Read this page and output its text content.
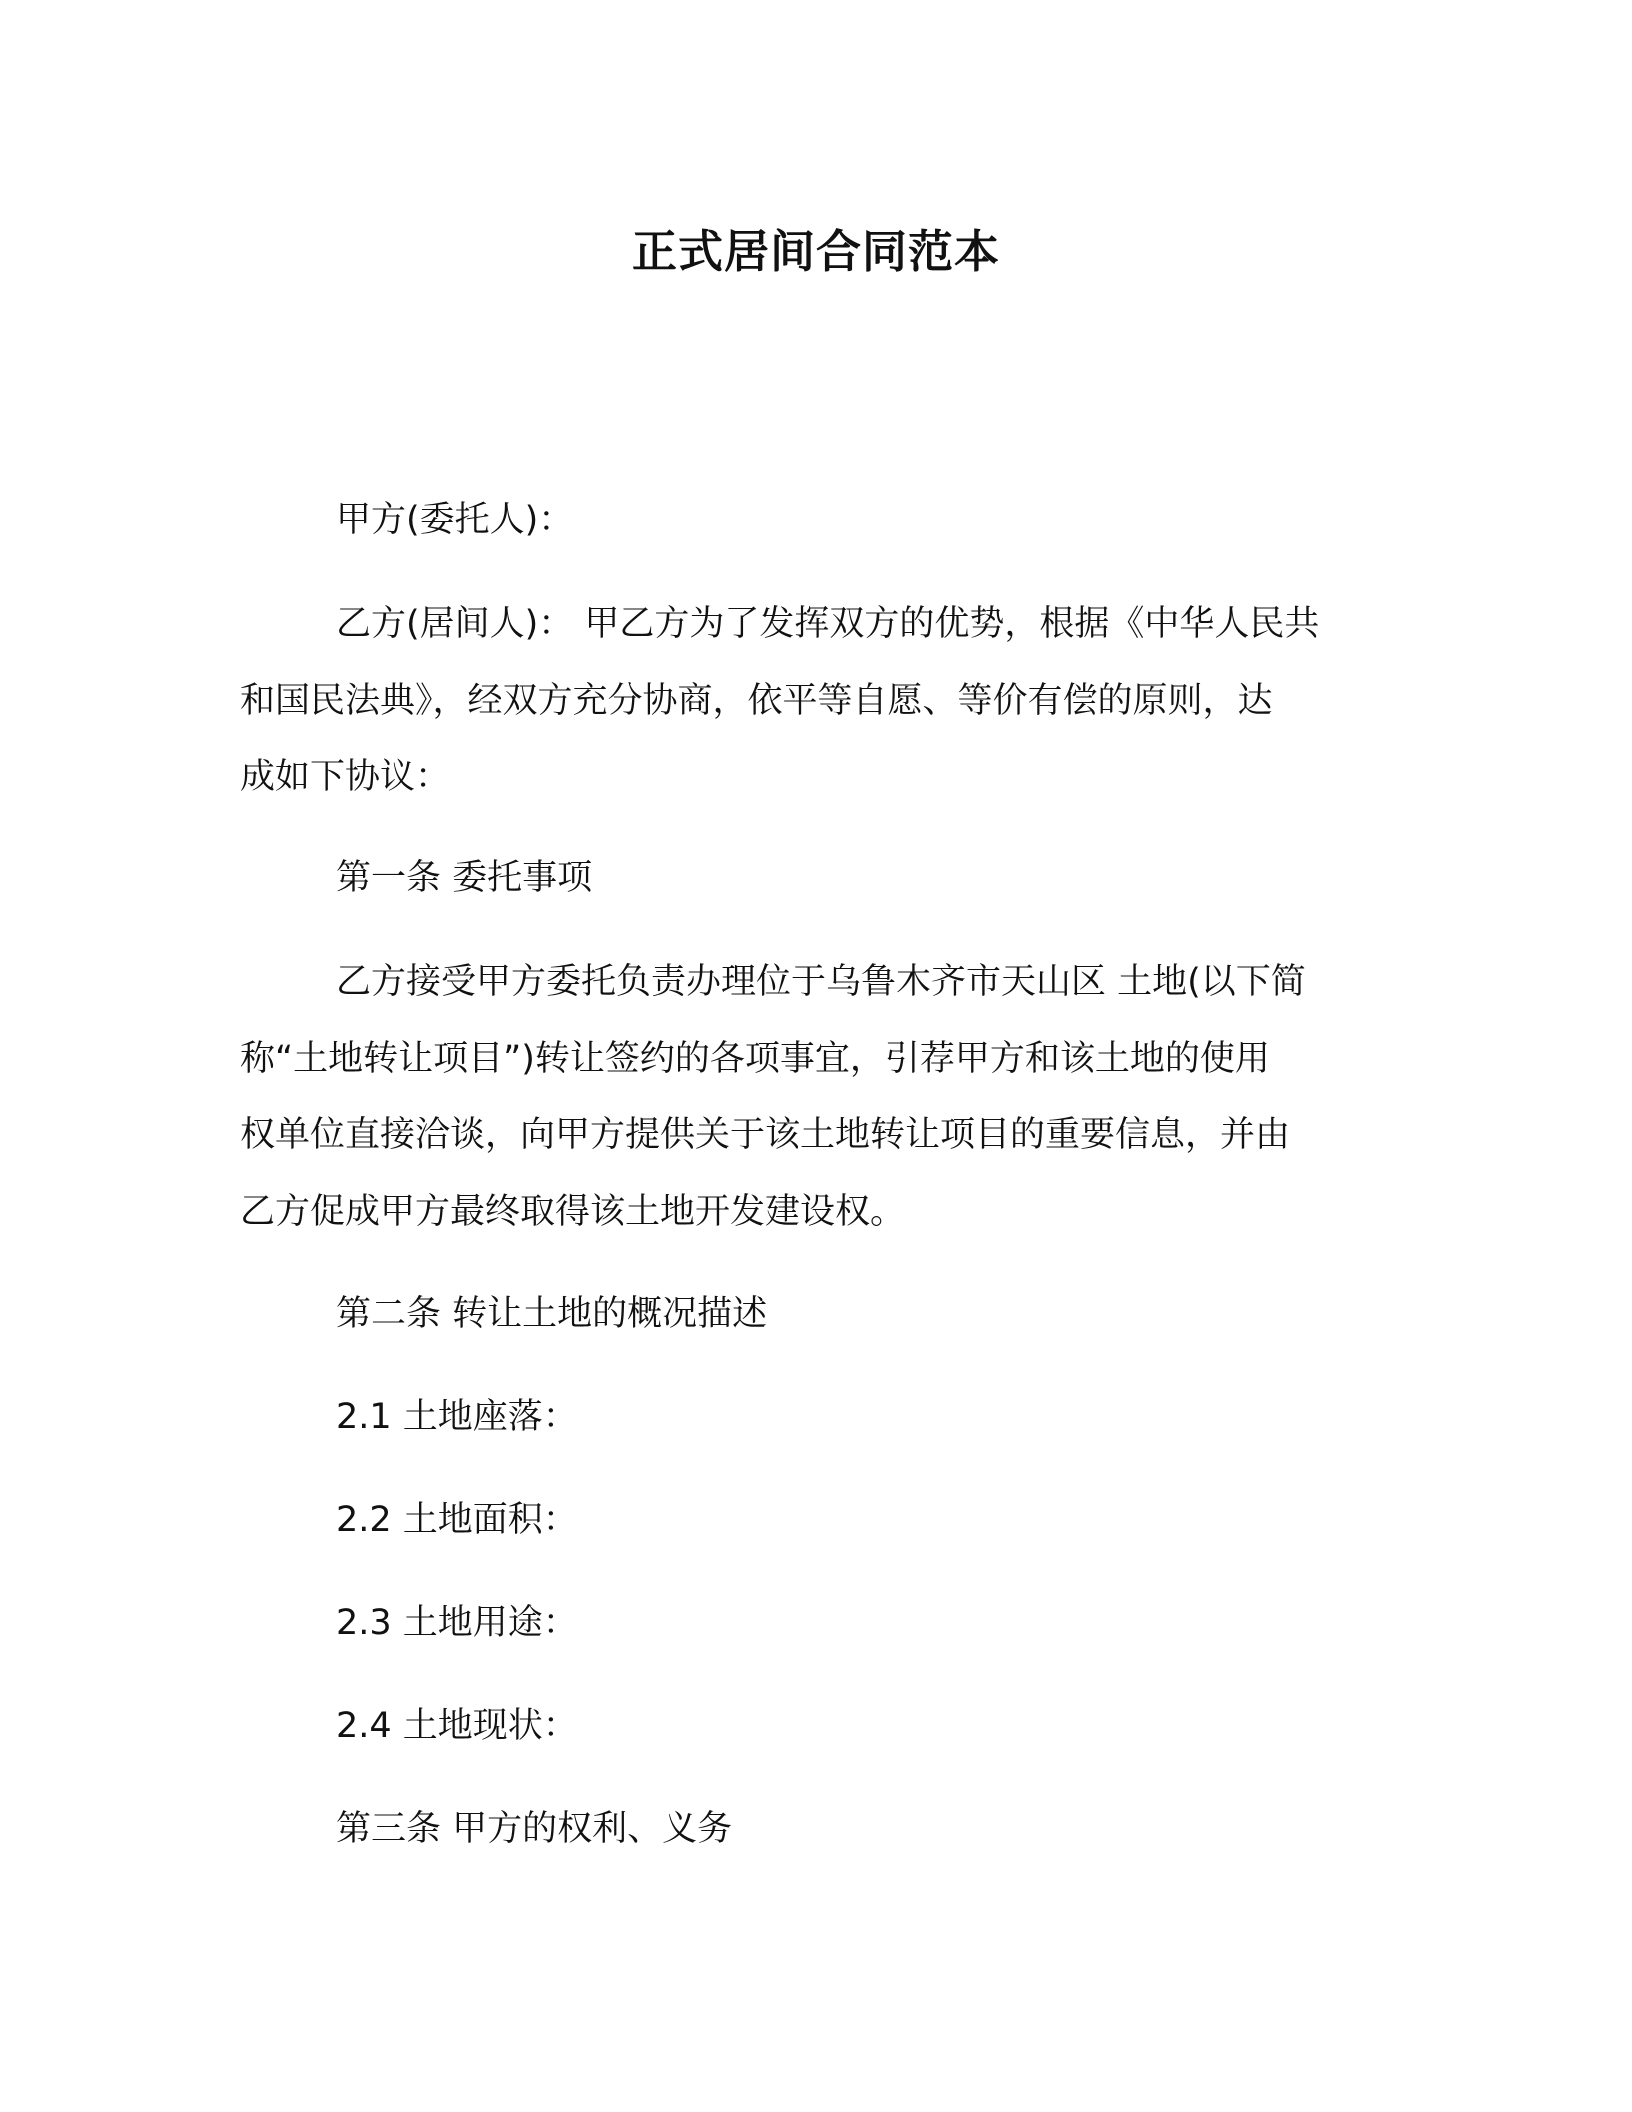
正式居间合同范本
甲方(委托人)：
乙方(居间人)： 甲乙方为了发挥双方的优势，根据《中华人民共
和国民法典》，经双方充分协商，依平等自愿、等价有偿的原则，达
成如下协议：
第一条 委托事项
乙方接受甲方委托负责办理位于乌鲁木齐市天山区 土地(以下简
称“土地转让项目”)转让签约的各项事宜，引荐甲方和该土地的使用
权单位直接洽谈，向甲方提供关于该土地转让项目的重要信息，并由
乙方促成甲方最终取得该土地开发建设权。
第二条 转让土地的概况描述
2.1 土地座落：
2.2 土地面积：
2.3 土地用途：
2.4 土地现状：
第三条 甲方的权利、义务
